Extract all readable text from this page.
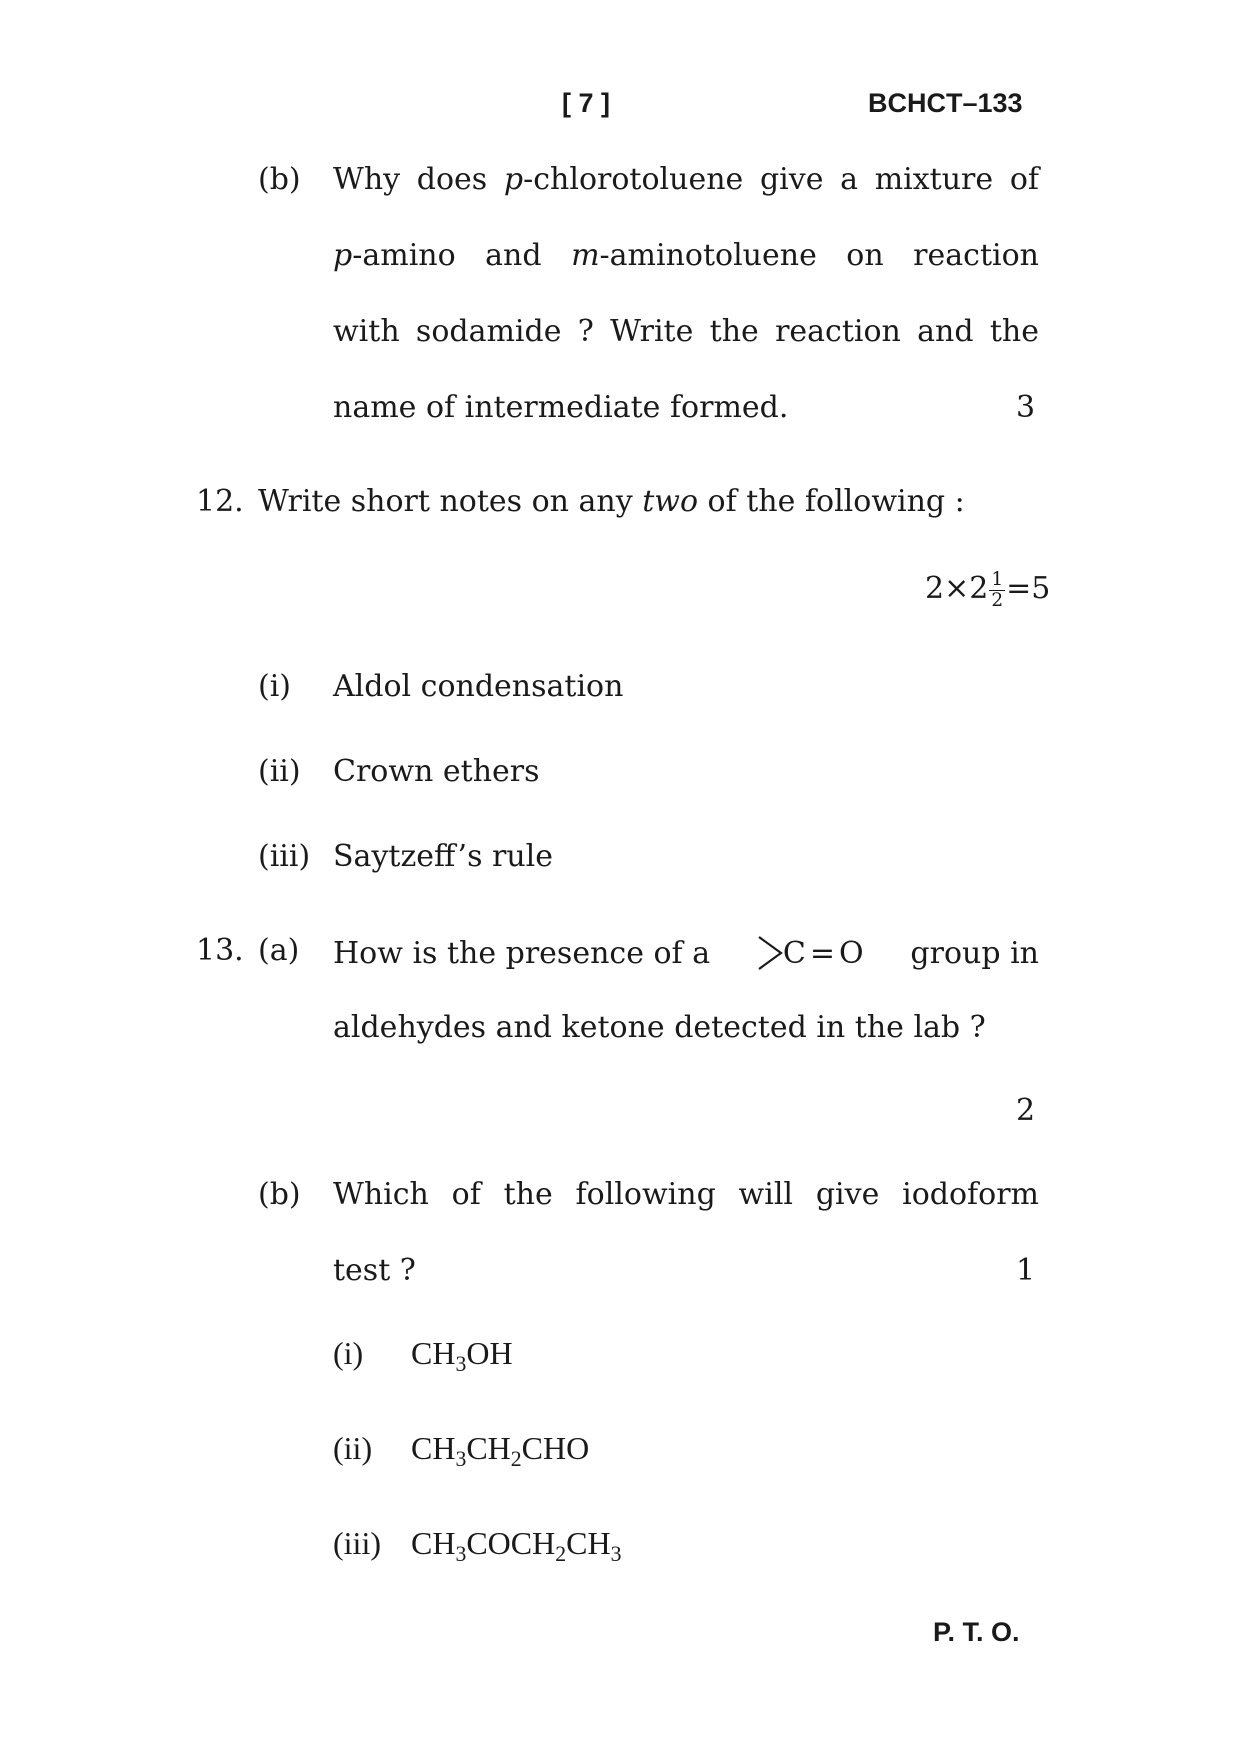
[ 7 ]	BCHCT–133
(b) Why does p-chlorotoluene give a mixture of
p-amino and m-aminotoluene on reaction
with sodamide ? Write the reaction and the
name of intermediate formed.	3
12. Write short notes on any two of the following :
$2\times 2 \frac{1}{2} =5$
(i) Aldol condensation
(ii) Crown ethers
(iii) Saytzeff’s rule
13. (a) How is the presence of a C = O group in
aldehydes and ketone detected in the lab ?
2
(b) Which of the following will give iodoform
test ?	1
(i) $CH_3OH$
(ii) $CH_3CH_2CHO$
(iii) $CH_3COCH_2CH_3$
P. T. O.
